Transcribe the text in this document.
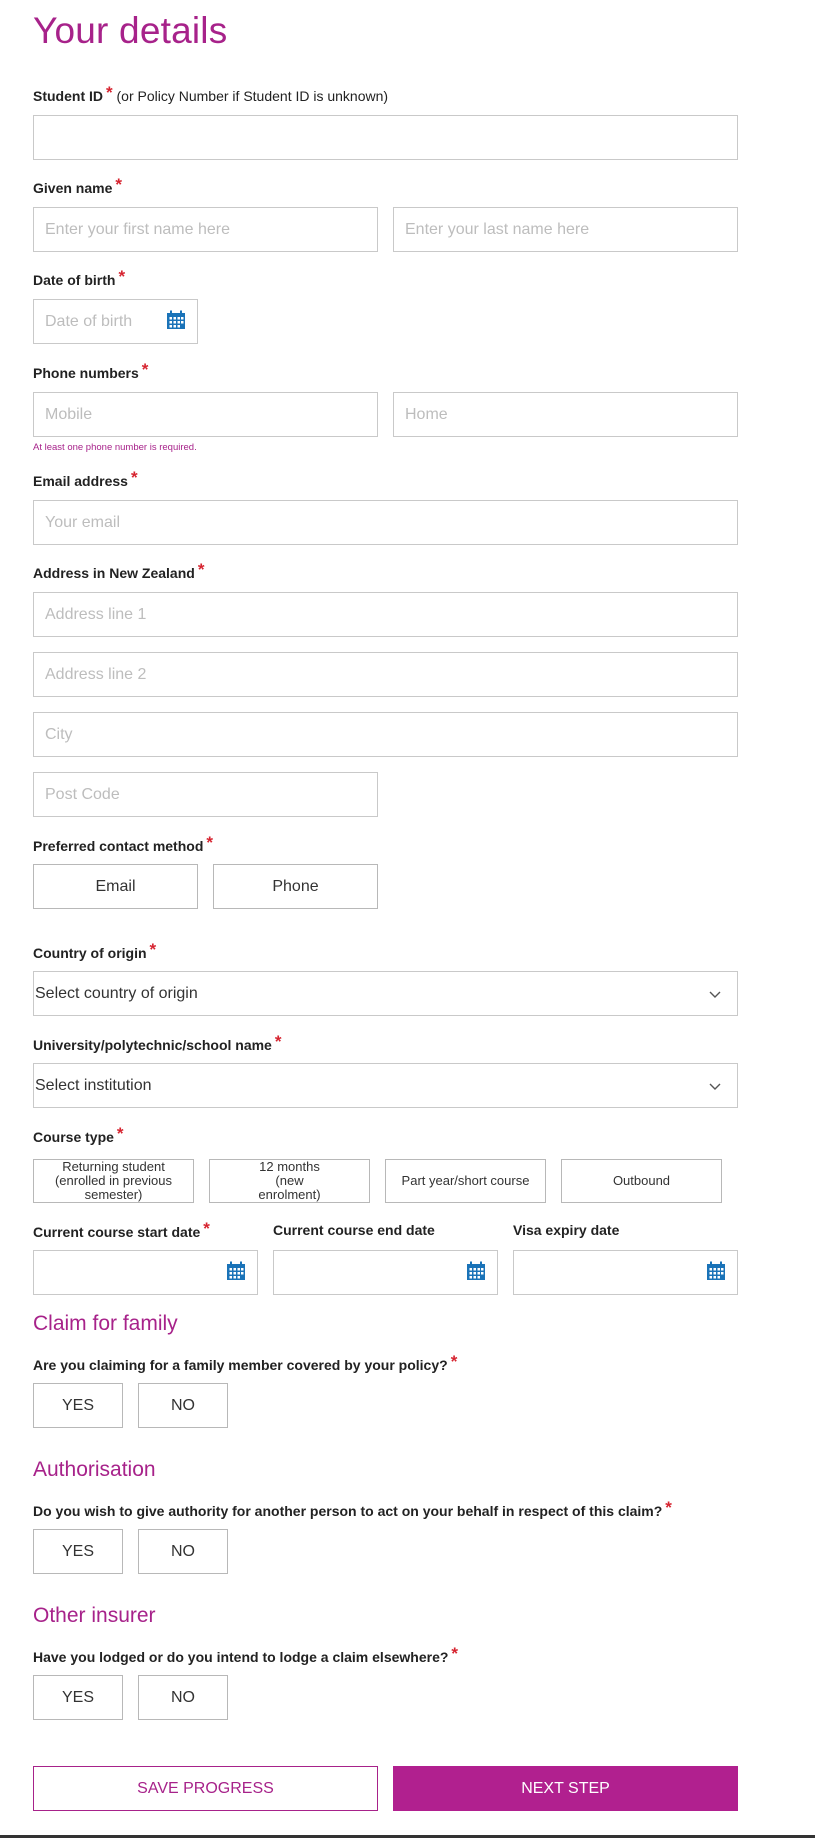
Your details
Student ID * (or Policy Number if Student ID is unknown)
Given name *
Enter your first name here
Enter your last name here
Date of birth *
Date of birth
Phone numbers *
Mobile
Home
At least one phone number is required.
Email address *
Your email
Address in New Zealand *
Address line 1
Address line 2
City
Post Code
Preferred contact method *
Email	Phone
Country of origin *
Select country of origin
University/polytechnic/school name *
Select institution
Course type *
Returning student (enrolled in previous semester)
12 months (new enrolment)
Part year/short course	Outbound
Current course start date *	Current course end date	Visa expiry date
Claim for family
Are you claiming for a family member covered by your policy? *
YES	NO
Authorisation
Do you wish to give authority for another person to act on your behalf in respect of this claim? *
YES	NO
Other insurer
Have you lodged or do you intend to lodge a claim elsewhere? *
YES	NO
SAVE PROGRESS	NEXT STEP
